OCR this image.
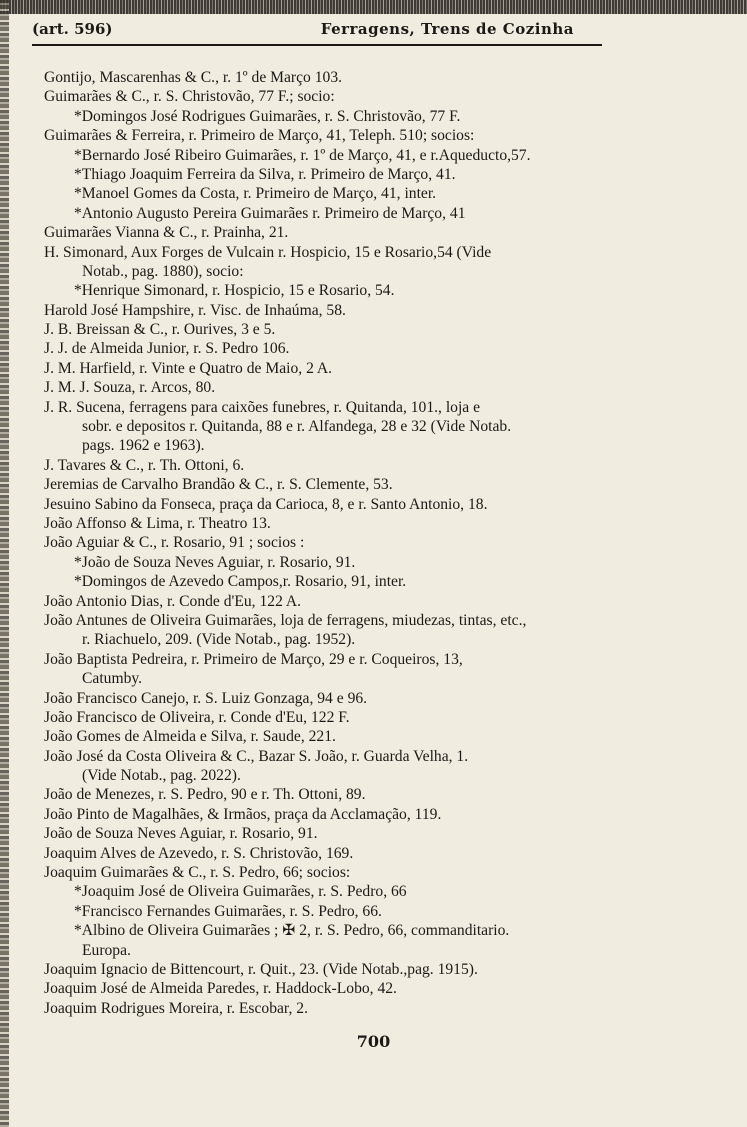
(art. 596)	Ferragens, Trens de Cozinha
Gontijo, Mascarenhas & C., r. 1º de Março 103.
Guimarães & C., r. S. Christovão, 77 F.; socio:
*Domingos José Rodrigues Guimarães, r. S. Christovão, 77 F.
Guimarães & Ferreira, r. Primeiro de Março, 41, Teleph. 510; socios:
*Bernardo José Ribeiro Guimarães, r. 1º de Março, 41, e r.Aqueducto,57.
*Thiago Joaquim Ferreira da Silva, r. Primeiro de Março, 41.
*Manoel Gomes da Costa, r. Primeiro de Março, 41, inter.
*Antonio Augusto Pereira Guimarães r. Primeiro de Março, 41
Guimarães Vianna & C., r. Prainha, 21.
H. Simonard, Aux Forges de Vulcain r. Hospicio, 15 e Rosario,54 (Vide
Notab., pag. 1880), socio:
*Henrique Simonard, r. Hospicio, 15 e Rosario, 54.
Harold José Hampshire, r. Visc. de Inhaúma, 58.
J. B. Breissan & C., r. Ourives, 3 e 5.
J. J. de Almeida Junior, r. S. Pedro 106.
J. M. Harfield, r. Vinte e Quatro de Maio, 2 A.
J. M. J. Souza, r. Arcos, 80.
J. R. Sucena, ferragens para caixões funebres, r. Quitanda, 101., loja e
sobr. e depositos r. Quitanda, 88 e r. Alfandega, 28 e 32 (Vide Notab.
pags. 1962 e 1963).
J. Tavares & C., r. Th. Ottoni, 6.
Jeremias de Carvalho Brandão & C., r. S. Clemente, 53.
Jesuino Sabino da Fonseca, praça da Carioca, 8, e r. Santo Antonio, 18.
João Affonso & Lima, r. Theatro 13.
João Aguiar & C., r. Rosario, 91 ; socios :
*João de Souza Neves Aguiar, r. Rosario, 91.
*Domingos de Azevedo Campos,r. Rosario, 91, inter.
João Antonio Dias, r. Conde d'Eu, 122 A.
João Antunes de Oliveira Guimarães, loja de ferragens, miudezas, tintas, etc.,
r. Riachuelo, 209. (Vide Notab., pag. 1952).
João Baptista Pedreira, r. Primeiro de Março, 29 e r. Coqueiros, 13,
Catumby.
João Francisco Canejo, r. S. Luiz Gonzaga, 94 e 96.
João Francisco de Oliveira, r. Conde d'Eu, 122 F.
João Gomes de Almeida e Silva, r. Saude, 221.
João José da Costa Oliveira & C., Bazar S. João, r. Guarda Velha, 1.
(Vide Notab., pag. 2022).
João de Menezes, r. S. Pedro, 90 e r. Th. Ottoni, 89.
João Pinto de Magalhães, & Irmãos, praça da Acclamação, 119.
João de Souza Neves Aguiar, r. Rosario, 91.
Joaquim Alves de Azevedo, r. S. Christovão, 169.
Joaquim Guimarães & C., r. S. Pedro, 66; socios:
*Joaquim José de Oliveira Guimarães, r. S. Pedro, 66
*Francisco Fernandes Guimarães, r. S. Pedro, 66.
*Albino de Oliveira Guimarães ; ✠ 2, r. S. Pedro, 66, commanditario.
Europa.
Joaquim Ignacio de Bittencourt, r. Quit., 23. (Vide Notab.,pag. 1915).
Joaquim José de Almeida Paredes, r. Haddock-Lobo, 42.
Joaquim Rodrigues Moreira, r. Escobar, 2.
700
